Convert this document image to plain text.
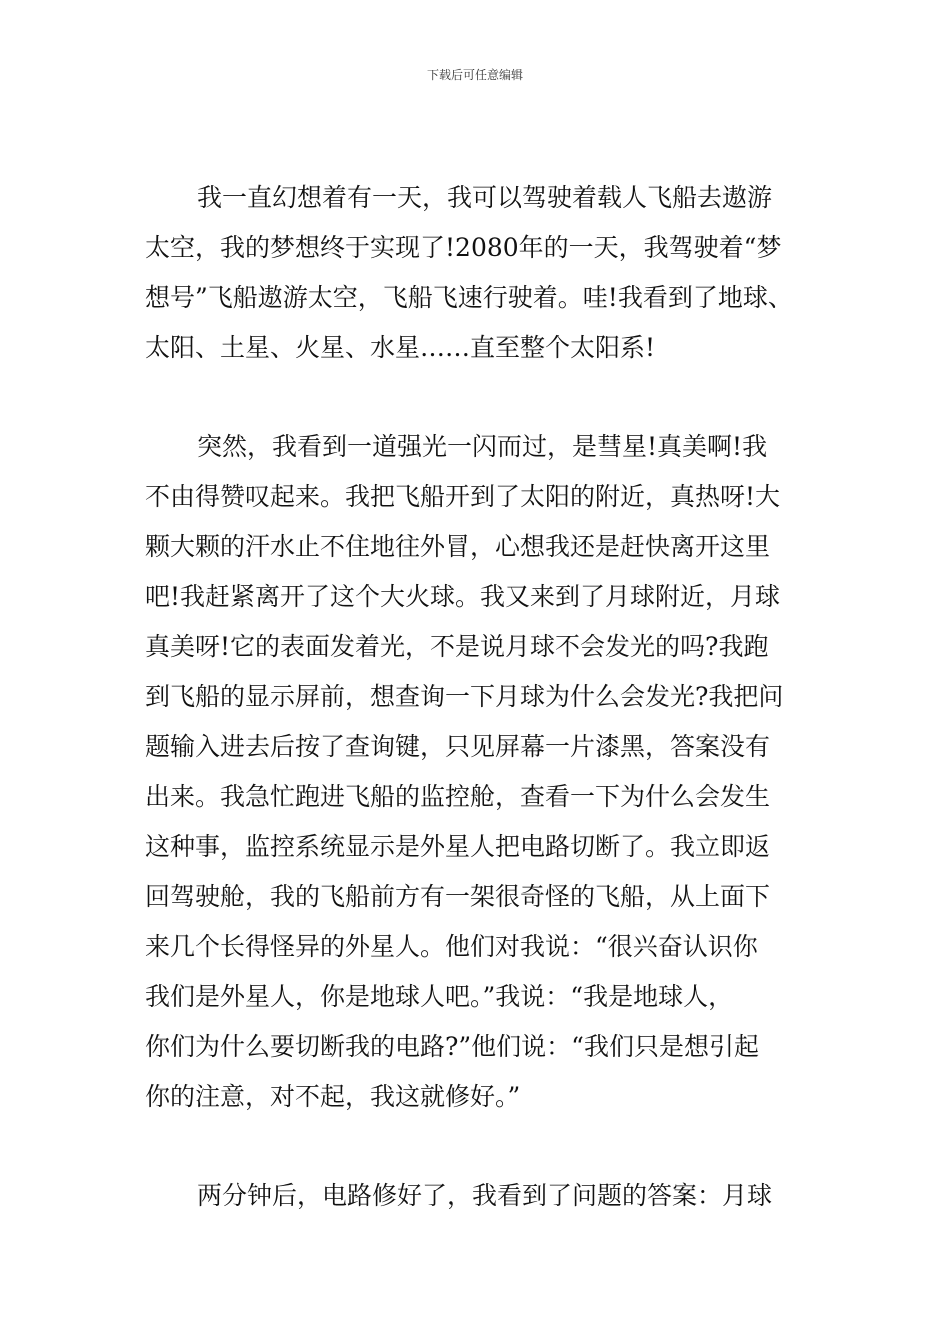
下载后可任意编辑
我一直幻想着有一天，我可以驾驶着载人飞船去遨游
太空，我的梦想终于实现了!2080年的一天，我驾驶着“梦
想号”飞船遨游太空，飞船飞速行驶着。哇!我看到了地球、
太阳、土星、火星、水星……直至整个太阳系!
突然，我看到一道强光一闪而过，是彗星!真美啊!我
不由得赞叹起来。我把飞船开到了太阳的附近，真热呀!大
颗大颗的汗水止不住地往外冒，心想我还是赶快离开这里
吧!我赶紧离开了这个大火球。我又来到了月球附近，月球
真美呀!它的表面发着光，不是说月球不会发光的吗?我跑
到飞船的显示屏前，想查询一下月球为什么会发光?我把问
题输入进去后按了查询键，只见屏幕一片漆黑，答案没有
出来。我急忙跑进飞船的监控舱，查看一下为什么会发生
这种事，监控系统显示是外星人把电路切断了。我立即返
回驾驶舱，我的飞船前方有一架很奇怪的飞船，从上面下
来几个长得怪异的外星人。他们对我说：“很兴奋认识你
我们是外星人，你是地球人吧。”我说：“我是地球人，
你们为什么要切断我的电路?”他们说：“我们只是想引起
你的注意，对不起，我这就修好。”
两分钟后，电路修好了，我看到了问题的答案：月球
